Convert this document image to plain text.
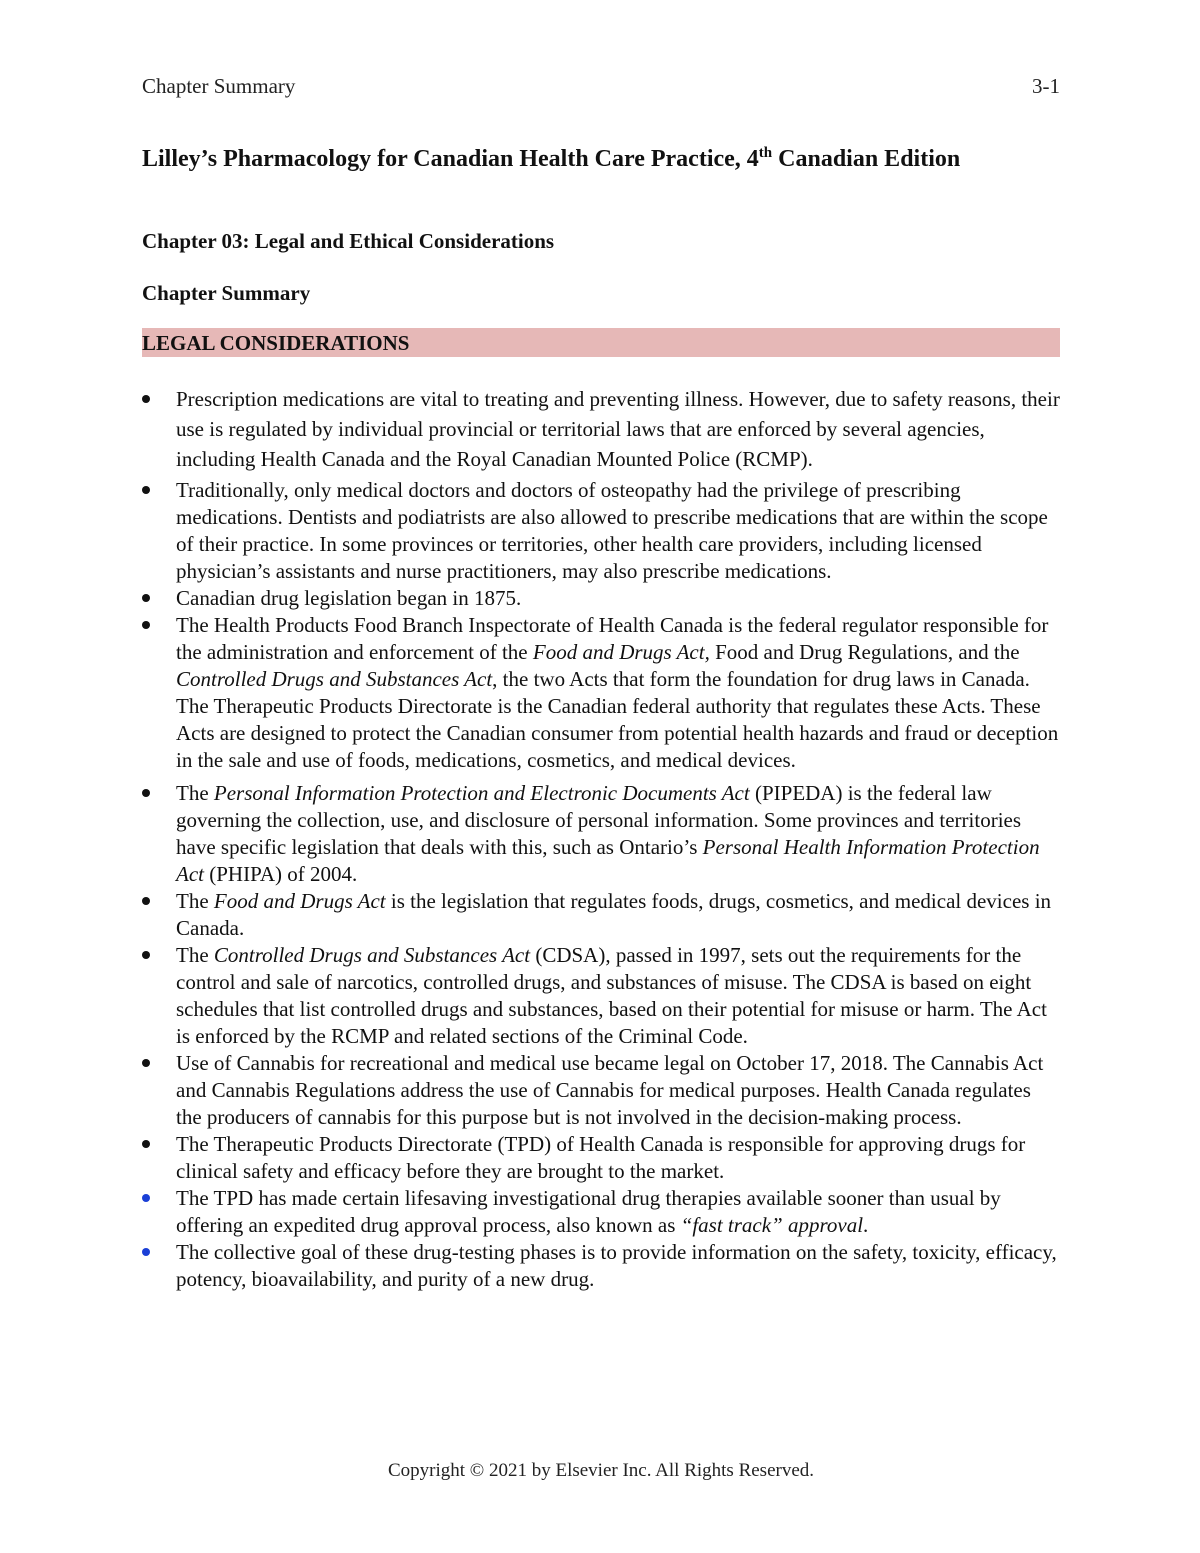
Chapter Summary	3-1
Lilley’s Pharmacology for Canadian Health Care Practice, 4th Canadian Edition
Chapter 03: Legal and Ethical Considerations
Chapter Summary
LEGAL CONSIDERATIONS
Prescription medications are vital to treating and preventing illness. However, due to safety reasons, their use is regulated by individual provincial or territorial laws that are enforced by several agencies, including Health Canada and the Royal Canadian Mounted Police (RCMP).
Traditionally, only medical doctors and doctors of osteopathy had the privilege of prescribing medications. Dentists and podiatrists are also allowed to prescribe medications that are within the scope of their practice. In some provinces or territories, other health care providers, including licensed physician’s assistants and nurse practitioners, may also prescribe medications.
Canadian drug legislation began in 1875.
The Health Products Food Branch Inspectorate of Health Canada is the federal regulator responsible for the administration and enforcement of the Food and Drugs Act, Food and Drug Regulations, and the Controlled Drugs and Substances Act, the two Acts that form the foundation for drug laws in Canada. The Therapeutic Products Directorate is the Canadian federal authority that regulates these Acts. These Acts are designed to protect the Canadian consumer from potential health hazards and fraud or deception in the sale and use of foods, medications, cosmetics, and medical devices.
The Personal Information Protection and Electronic Documents Act (PIPEDA) is the federal law governing the collection, use, and disclosure of personal information. Some provinces and territories have specific legislation that deals with this, such as Ontario’s Personal Health Information Protection Act (PHIPA) of 2004.
The Food and Drugs Act is the legislation that regulates foods, drugs, cosmetics, and medical devices in Canada.
The Controlled Drugs and Substances Act (CDSA), passed in 1997, sets out the requirements for the control and sale of narcotics, controlled drugs, and substances of misuse. The CDSA is based on eight schedules that list controlled drugs and substances, based on their potential for misuse or harm. The Act is enforced by the RCMP and related sections of the Criminal Code.
Use of Cannabis for recreational and medical use became legal on October 17, 2018. The Cannabis Act and Cannabis Regulations address the use of Cannabis for medical purposes. Health Canada regulates the producers of cannabis for this purpose but is not involved in the decision-making process.
The Therapeutic Products Directorate (TPD) of Health Canada is responsible for approving drugs for clinical safety and efficacy before they are brought to the market.
The TPD has made certain lifesaving investigational drug therapies available sooner than usual by offering an expedited drug approval process, also known as “fast track” approval.
The collective goal of these drug-testing phases is to provide information on the safety, toxicity, efficacy, potency, bioavailability, and purity of a new drug.
Copyright © 2021 by Elsevier Inc. All Rights Reserved.
